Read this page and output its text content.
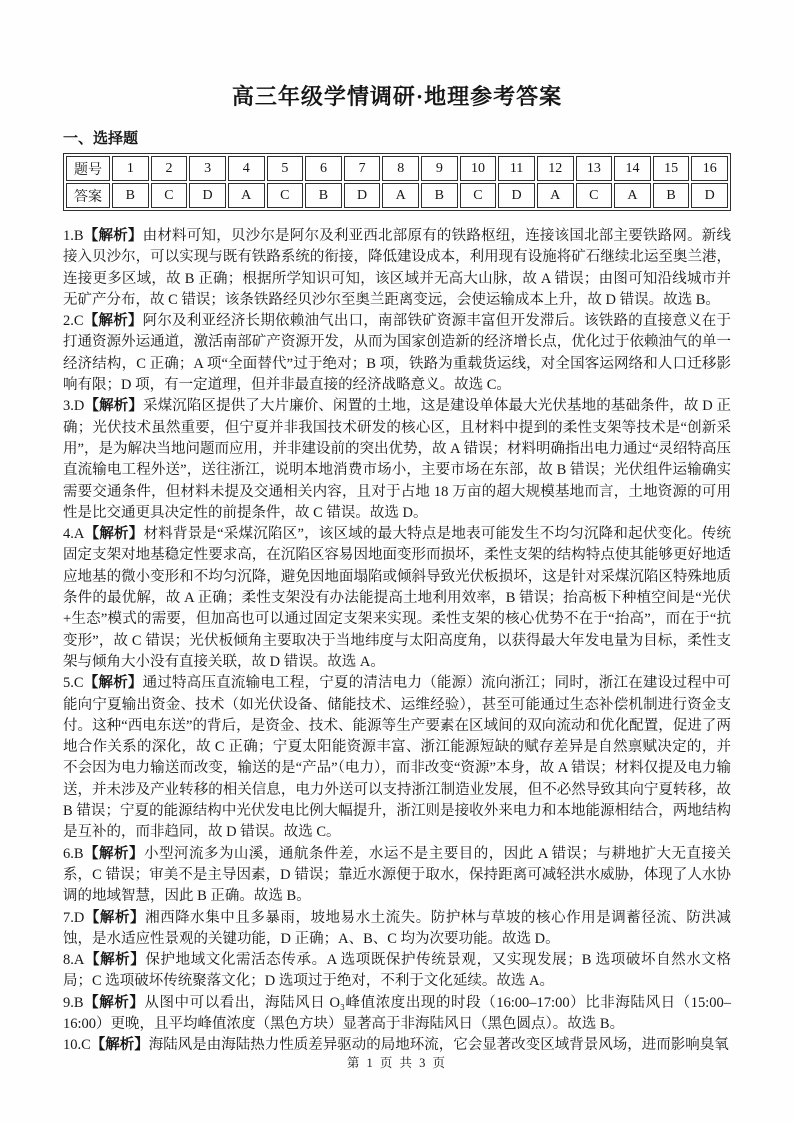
高三年级学情调研·地理参考答案
一、选择题
题号	1	2	3	4	5	6	7	8	9	10	11	12	13	14	15	16
答案	B	C	D	A	C	B	D	A	B	C	D	A	C	A	B	D

1.B【解析】由材料可知，贝沙尔是阿尔及利亚西北部原有的铁路枢纽，连接该国北部主要铁路网。新线接入贝沙尔，可以实现与既有铁路系统的衔接，降低建设成本，利用现有设施将矿石继续北运至奥兰港，连接更多区域，故 B 正确；根据所学知识可知，该区域并无高大山脉，故 A 错误；由图可知沿线城市并无矿产分布，故 C 错误；该条铁路经贝沙尔至奥兰距离变远，会使运输成本上升，故 D 错误。故选 B。

2.C【解析】阿尔及利亚经济长期依赖油气出口，南部铁矿资源丰富但开发滞后。该铁路的直接意义在于打通资源外运通道，激活南部矿产资源开发，从而为国家创造新的经济增长点，优化过于依赖油气的单一经济结构，C 正确；A 项“全面替代”过于绝对；B 项，铁路为重载货运线，对全国客运网络和人口迁移影响有限；D 项，有一定道理，但并非最直接的经济战略意义。故选 C。

3.D【解析】采煤沉陷区提供了大片廉价、闲置的土地，这是建设单体最大光伏基地的基础条件，故 D 正确；光伏技术虽然重要，但宁夏并非我国技术研发的核心区，且材料中提到的柔性支架等技术是“创新采用”，是为解决当地问题而应用，并非建设前的突出优势，故 A 错误；材料明确指出电力通过“灵绍特高压直流输电工程外送”，送往浙江，说明本地消费市场小，主要市场在东部，故 B 错误；光伏组件运输确实需要交通条件，但材料未提及交通相关内容，且对于占地 18 万亩的超大规模基地而言，土地资源的可用性是比交通更具决定性的前提条件，故 C 错误。故选 D。

4.A【解析】材料背景是“采煤沉陷区”，该区域的最大特点是地表可能发生不均匀沉降和起伏变化。传统固定支架对地基稳定性要求高，在沉陷区容易因地面变形而损坏，柔性支架的结构特点使其能够更好地适应地基的微小变形和不均匀沉降，避免因地面塌陷或倾斜导致光伏板损坏，这是针对采煤沉陷区特殊地质条件的最优解，故 A 正确；柔性支架没有办法能提高土地利用效率，B 错误；抬高板下种植空间是“光伏+生态”模式的需要，但加高也可以通过固定支架来实现。柔性支架的核心优势不在于“抬高”，而在于“抗变形”，故 C 错误；光伏板倾角主要取决于当地纬度与太阳高度角，以获得最大年发电量为目标，柔性支架与倾角大小没有直接关联，故 D 错误。故选 A。

5.C【解析】通过特高压直流输电工程，宁夏的清洁电力（能源）流向浙江；同时，浙江在建设过程中可能向宁夏输出资金、技术（如光伏设备、储能技术、运维经验），甚至可能通过生态补偿机制进行资金支付。这种“西电东送”的背后，是资金、技术、能源等生产要素在区域间的双向流动和优化配置，促进了两地合作关系的深化，故 C 正确；宁夏太阳能资源丰富、浙江能源短缺的赋存差异是自然禀赋决定的，并不会因为电力输送而改变，输送的是“产品”（电力），而非改变“资源”本身，故 A 错误；材料仅提及电力输送，并未涉及产业转移的相关信息，电力外送可以支持浙江制造业发展，但不必然导致其向宁夏转移，故 B 错误；宁夏的能源结构中光伏发电比例大幅提升，浙江则是接收外来电力和本地能源相结合，两地结构是互补的，而非趋同，故 D 错误。故选 C。

6.B【解析】小型河流多为山溪，通航条件差，水运不是主要目的，因此 A 错误；与耕地扩大无直接关系，C 错误；审美不是主导因素，D 错误；靠近水源便于取水，保持距离可减轻洪水威胁，体现了人水协调的地域智慧，因此 B 正确。故选 B。

7.D【解析】湘西降水集中且多暴雨，坡地易水土流失。防护林与草坡的核心作用是调蓄径流、防洪减蚀，是水适应性景观的关键功能，D 正确；A、B、C 均为次要功能。故选 D。

8.A【解析】保护地域文化需活态传承。A 选项既保护传统景观，又实现发展；B 选项破坏自然水文格局；C 选项破坏传统聚落文化；D 选项过于绝对，不利于文化延续。故选 A。

9.B【解析】从图中可以看出，海陆风日 O₃峰值浓度出现的时段（16:00–17:00）比非海陆风日（15:00–16:00）更晚，且平均峰值浓度（黑色方块）显著高于非海陆风日（黑色圆点）。故选 B。

10.C【解析】海陆风是由海陆热力性质差异驱动的局地环流，它会显著改变区域背景风场，进而影响臭氧

第 1 页 共 3 页
